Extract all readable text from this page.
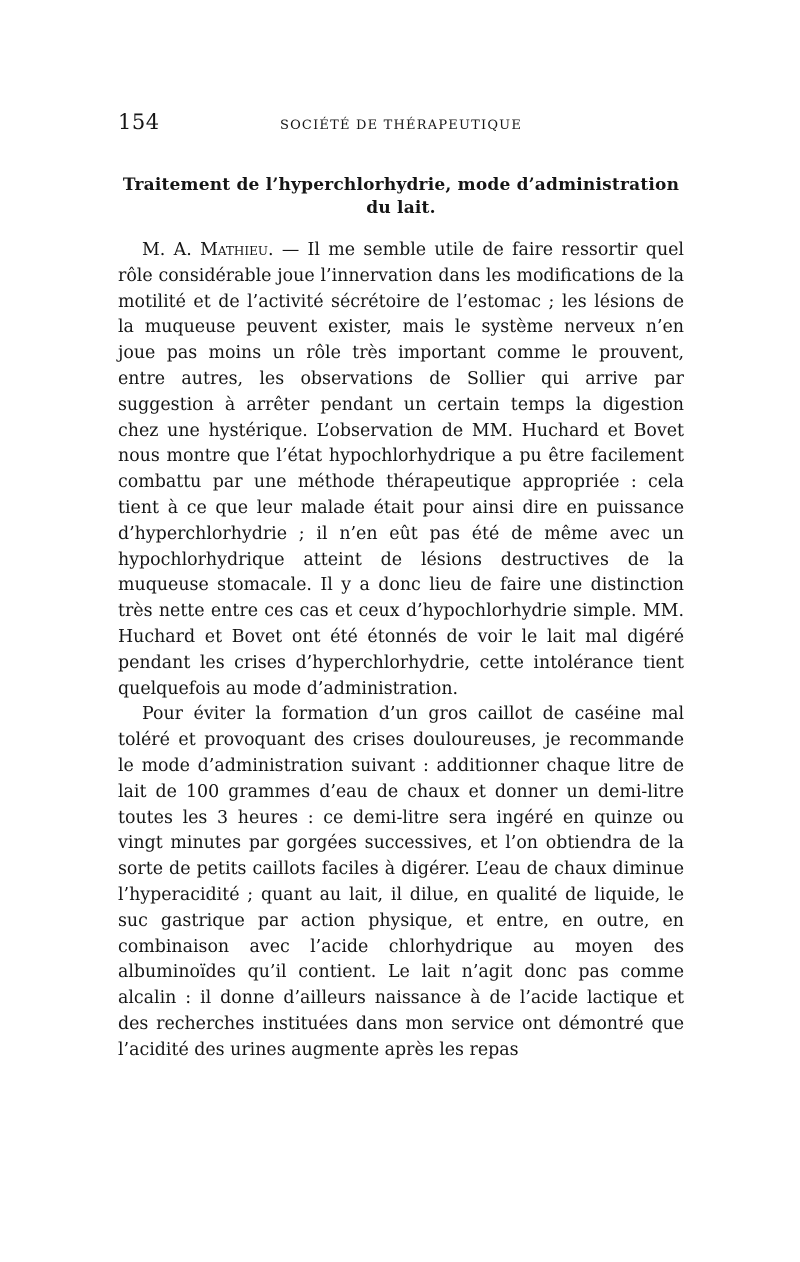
154	SOCIÉTÉ DE THÉRAPEUTIQUE
Traitement de l’hyperchlorhydrie, mode d’administration du lait.

M. A. Mathieu. — Il me semble utile de faire ressortir quel rôle considérable joue l’innervation dans les modifications de la motilité et de l’activité sécrétoire de l’estomac ; les lésions de la muqueuse peuvent exister, mais le système nerveux n’en joue pas moins un rôle très important comme le prouvent, entre autres, les observations de Sollier qui arrive par suggestion à arrêter pendant un certain temps la digestion chez une hystérique. L’observation de MM. Huchard et Bovet nous montre que l’état hypochlorhydrique a pu être facilement combattu par une méthode thérapeutique appropriée : cela tient à ce que leur malade était pour ainsi dire en puissance d’hyperchlorhydrie ; il n’en eût pas été de même avec un hypochlorhydrique atteint de lésions destructives de la muqueuse stomacale. Il y a donc lieu de faire une distinction très nette entre ces cas et ceux d’hypochlorhydrie simple. MM. Huchard et Bovet ont été étonnés de voir le lait mal digéré pendant les crises d’hyperchlorhydrie, cette intolérance tient quelquefois au mode d’administration.

Pour éviter la formation d’un gros caillot de caséine mal toléré et provoquant des crises douloureuses, je recommande le mode d’administration suivant : additionner chaque litre de lait de 100 grammes d’eau de chaux et donner un demi-litre toutes les 3 heures : ce demi-litre sera ingéré en quinze ou vingt minutes par gorgées successives, et l’on obtiendra de la sorte de petits caillots faciles à digérer. L’eau de chaux diminue l’hyperacidité ; quant au lait, il dilue, en qualité de liquide, le suc gastrique par action physique, et entre, en outre, en combinaison avec l’acide chlorhydrique au moyen des albuminoïdes qu’il contient. Le lait n’agit donc pas comme alcalin : il donne d’ailleurs naissance à de l’acide lactique et des recherches instituées dans mon service ont démontré que l’acidité des urines augmente après les repas
